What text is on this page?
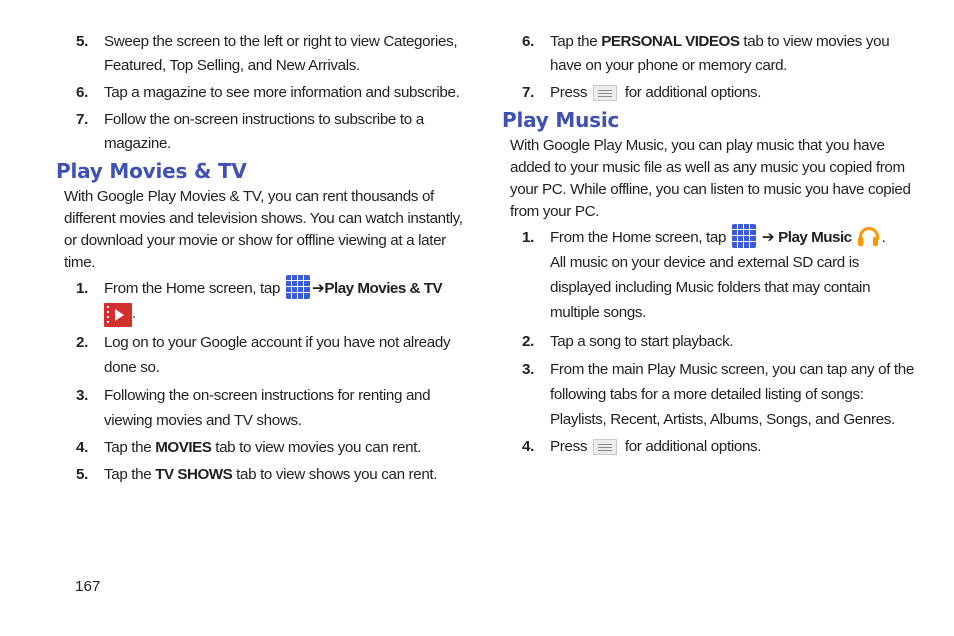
5. Sweep the screen to the left or right to view Categories, Featured, Top Selling, and New Arrivals.
6. Tap a magazine to see more information and subscribe.
7. Follow the on-screen instructions to subscribe to a magazine.
Play Movies & TV
With Google Play Movies & TV, you can rent thousands of different movies and television shows. You can watch instantly, or download your movie or show for offline viewing at a later time.
1. From the Home screen, tap ➔Play Movies & TV
.
2. Log on to your Google account if you have not already done so.
3. Following the on-screen instructions for renting and viewing movies and TV shows.
4. Tap the MOVIES tab to view movies you can rent.
5. Tap the TV SHOWS tab to view shows you can rent.
6. Tap the PERSONAL VIDEOS tab to view movies you have on your phone or memory card.
7. Press  for additional options.
Play Music
With Google Play Music, you can play music that you have added to your music file as well as any music you copied from your PC. While offline, you can listen to music you have copied from your PC.
1. From the Home screen, tap  ➔ Play Music .
All music on your device and external SD card is displayed including Music folders that may contain multiple songs.
2. Tap a song to start playback.
3. From the main Play Music screen, you can tap any of the following tabs for a more detailed listing of songs: Playlists, Recent, Artists, Albums, Songs, and Genres.
4. Press  for additional options.
167
